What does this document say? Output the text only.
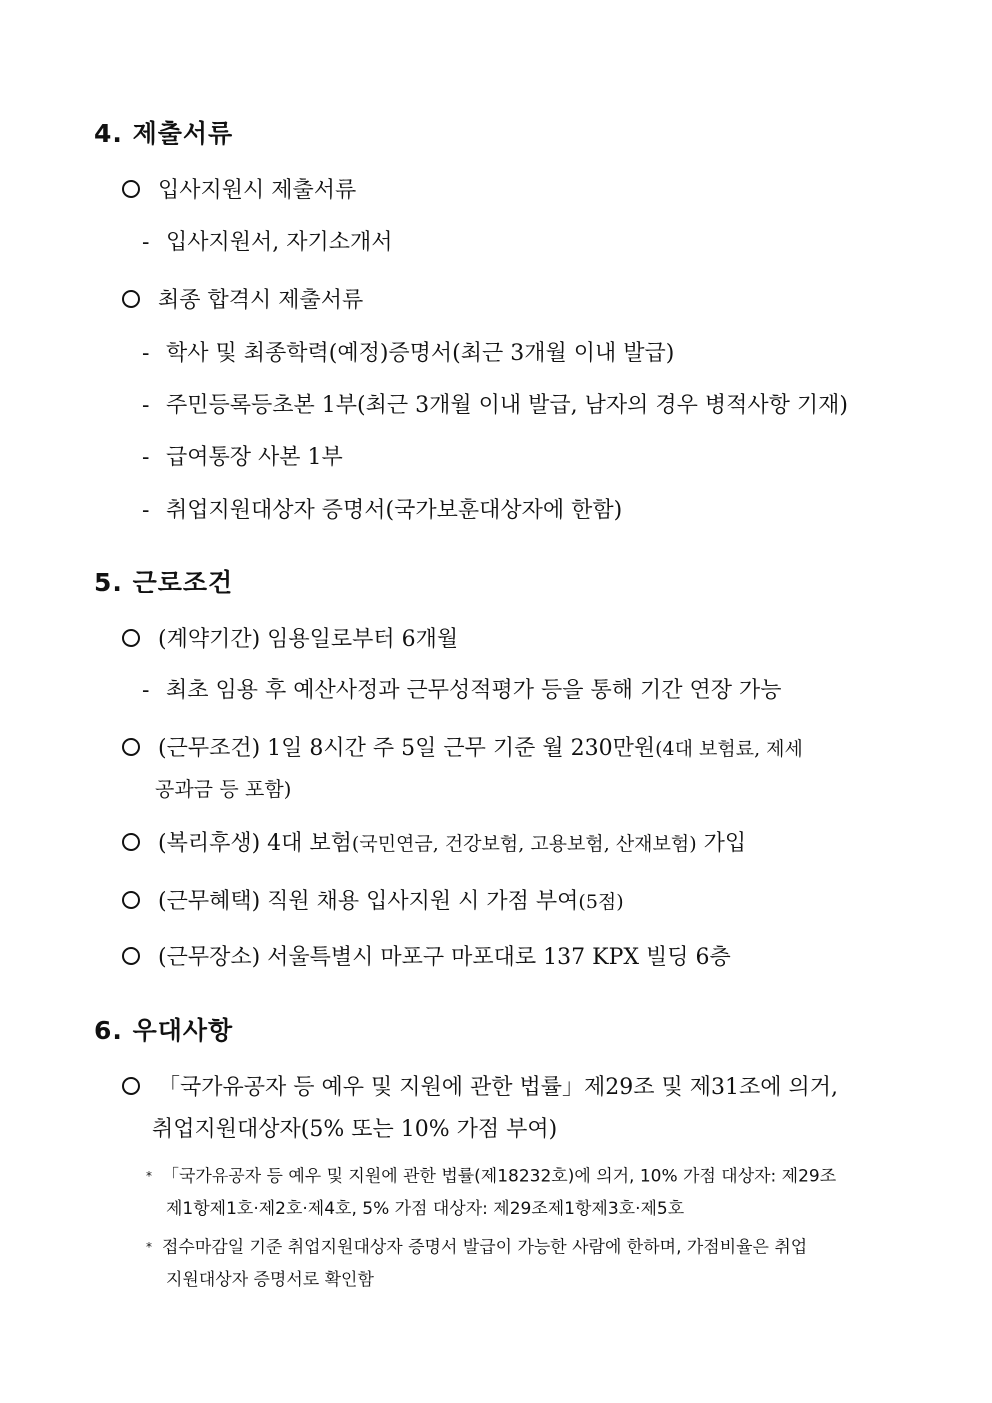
4. 제출서류
입사지원시 제출서류
- 입사지원서, 자기소개서
최종 합격시 제출서류
- 학사 및 최종학력(예정)증명서(최근 3개월 이내 발급)
- 주민등록등초본 1부(최근 3개월 이내 발급, 남자의 경우 병적사항 기재)
- 급여통장 사본 1부
- 취업지원대상자 증명서(국가보훈대상자에 한함)
5. 근로조건
(계약기간) 임용일로부터 6개월
- 최초 임용 후 예산사정과 근무성적평가 등을 통해 기간 연장 가능
(근무조건) 1일 8시간 주 5일 근무 기준 월 230만원(4대 보험료, 제세
공과금 등 포함)
(복리후생) 4대 보험(국민연금, 건강보험, 고용보험, 산재보험) 가입
(근무혜택) 직원 채용 입사지원 시 가점 부여(5점)
(근무장소) 서울특별시 마포구 마포대로 137 KPX 빌딩 6층
6. 우대사항
「국가유공자 등 예우 및 지원에 관한 법률」제29조 및 제31조에 의거,
취업지원대상자(5% 또는 10% 가점 부여)
* 「국가유공자 등 예우 및 지원에 관한 법률(제18232호)에 의거, 10% 가점 대상자: 제29조
제1항제1호·제2호·제4호, 5% 가점 대상자: 제29조제1항제3호·제5호
* 접수마감일 기준 취업지원대상자 증명서 발급이 가능한 사람에 한하며, 가점비율은 취업
지원대상자 증명서로 확인함
